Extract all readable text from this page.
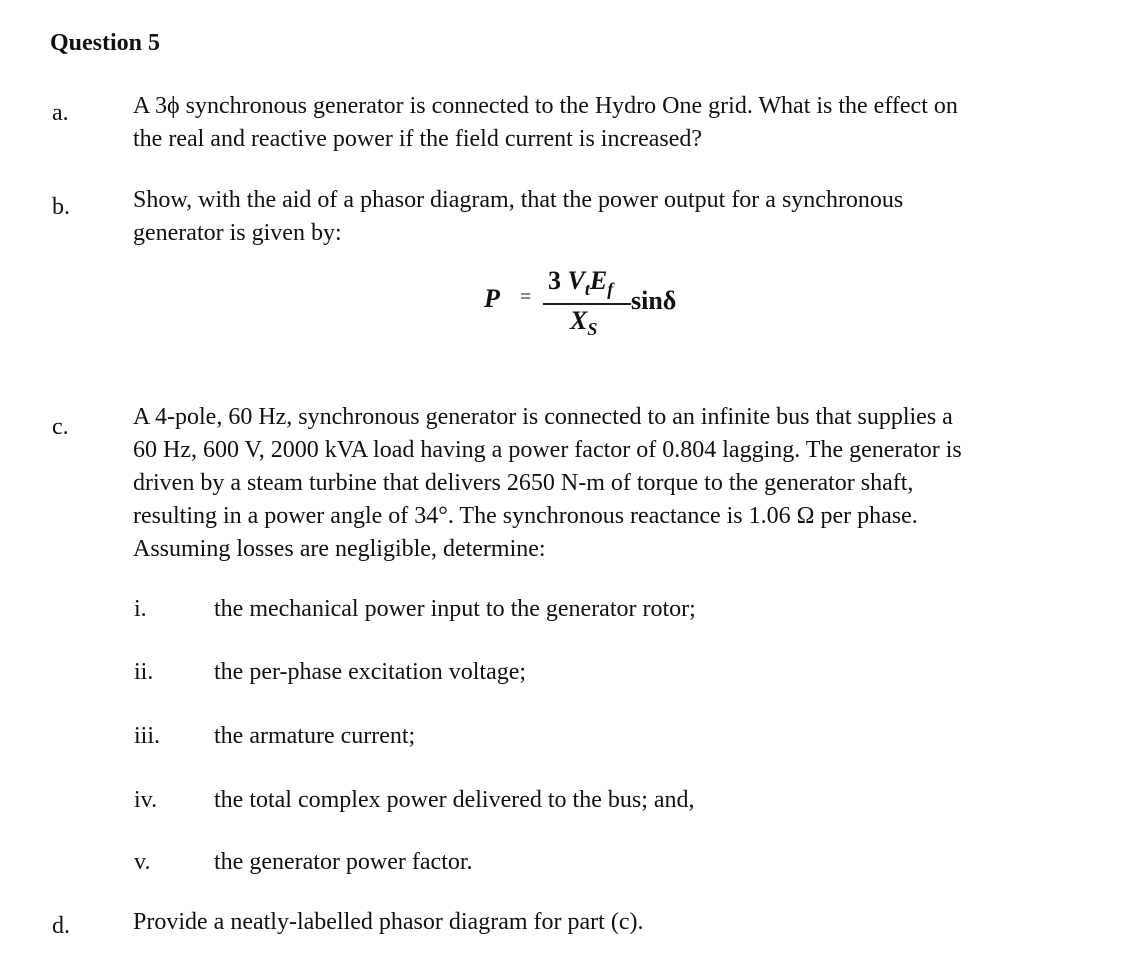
Question 5
a.	A 3ϕ synchronous generator is connected to the Hydro One grid. What is the effect on
the real and reactive power if the field current is increased?
b.	Show, with the aid of a phasor diagram, that the power output for a synchronous
generator is given by:
P =
3 $V_tE_f$
$X_S$
sinδ
c.	A 4-pole, 60 Hz, synchronous generator is connected to an infinite bus that supplies a
60 Hz, 600 V, 2000 kVA load having a power factor of 0.804 lagging. The generator is
driven by a steam turbine that delivers 2650 N-m of torque to the generator shaft,
resulting in a power angle of 34°. The synchronous reactance is 1.06 Ω per phase.
Assuming losses are negligible, determine:
i.	the mechanical power input to the generator rotor;
ii.	the per-phase excitation voltage;
iii. the armature current;
iv. the total complex power delivered to the bus; and,
v.	the generator power factor.
d.	Provide a neatly-labelled phasor diagram for part (c).
